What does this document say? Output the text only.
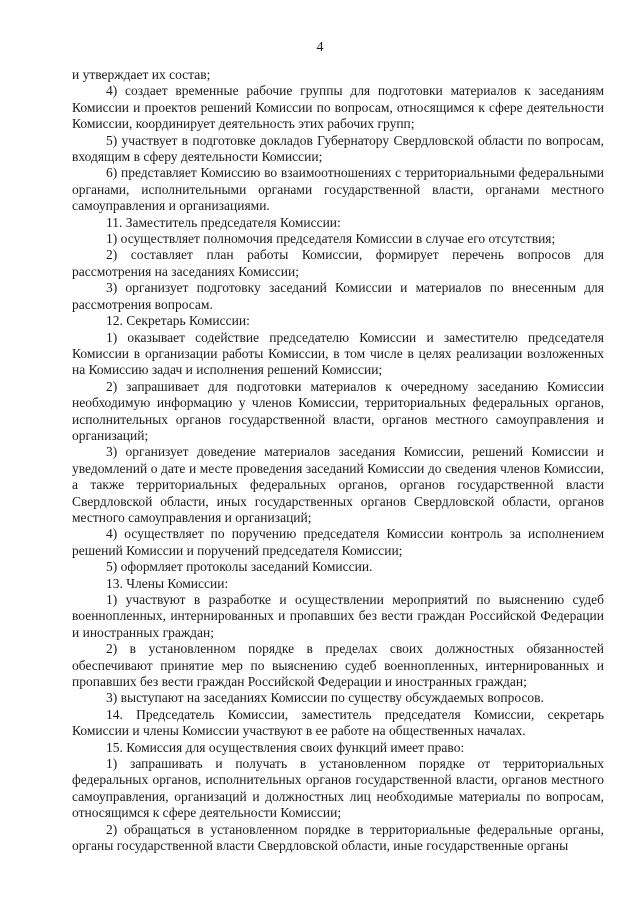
4

и утверждает их состав;

4) создает временные рабочие группы для подготовки материалов к заседаниям Комиссии и проектов решений Комиссии по вопросам, относящимся к сфере деятельности Комиссии, координирует деятельность этих рабочих групп;

5) участвует в подготовке докладов Губернатору Свердловской области по вопросам, входящим в сферу деятельности Комиссии;

6) представляет Комиссию во взаимоотношениях с территориальными федеральными органами, исполнительными органами государственной власти, органами местного самоуправления и организациями.

11. Заместитель председателя Комиссии:

1) осуществляет полномочия председателя Комиссии в случае его отсутствия;

2) составляет план работы Комиссии, формирует перечень вопросов для рассмотрения на заседаниях Комиссии;

3) организует подготовку заседаний Комиссии и материалов по внесенным для рассмотрения вопросам.

12. Секретарь Комиссии:

1) оказывает содействие председателю Комиссии и заместителю председателя Комиссии в организации работы Комиссии, в том числе в целях реализации возложенных на Комиссию задач и исполнения решений Комиссии;

2) запрашивает для подготовки материалов к очередному заседанию Комиссии необходимую информацию у членов Комиссии, территориальных федеральных органов, исполнительных органов государственной власти, органов местного самоуправления и организаций;

3) организует доведение материалов заседания Комиссии, решений Комиссии и уведомлений о дате и месте проведения заседаний Комиссии до сведения членов Комиссии, а также территориальных федеральных органов, органов государственной власти Свердловской области, иных государственных органов Свердловской области, органов местного самоуправления и организаций;

4) осуществляет по поручению председателя Комиссии контроль за исполнением решений Комиссии и поручений председателя Комиссии;

5) оформляет протоколы заседаний Комиссии.

13. Члены Комиссии:

1) участвуют в разработке и осуществлении мероприятий по выяснению судеб военнопленных, интернированных и пропавших без вести граждан Российской Федерации и иностранных граждан;

2) в установленном порядке в пределах своих должностных обязанностей обеспечивают принятие мер по выяснению судеб военнопленных, интернированных и пропавших без вести граждан Российской Федерации и иностранных граждан;

3) выступают на заседаниях Комиссии по существу обсуждаемых вопросов.

14. Председатель Комиссии, заместитель председателя Комиссии, секретарь Комиссии и члены Комиссии участвуют в ее работе на общественных началах.

15. Комиссия для осуществления своих функций имеет право:

1) запрашивать и получать в установленном порядке от территориальных федеральных органов, исполнительных органов государственной власти, органов местного самоуправления, организаций и должностных лиц необходимые материалы по вопросам, относящимся к сфере деятельности Комиссии;

2) обращаться в установленном порядке в территориальные федеральные органы, органы государственной власти Свердловской области, иные государственные органы
